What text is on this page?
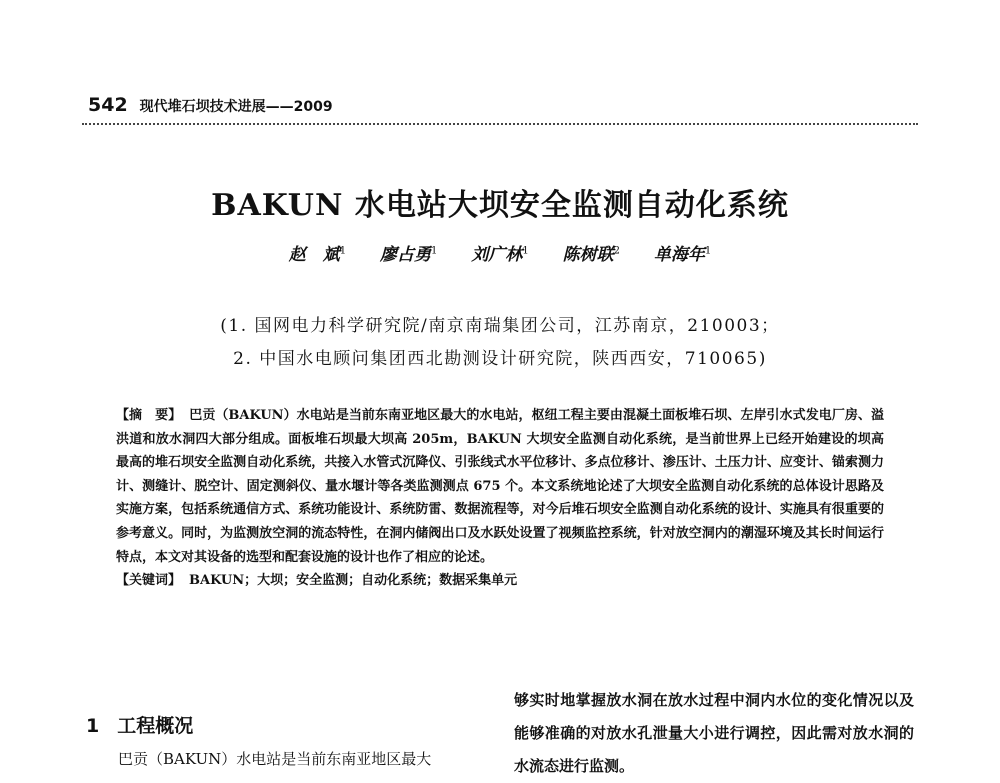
542 现代堆石坝技术进展——2009
BAKUN 水电站大坝安全监测自动化系统
赵　斌$^1$ 廖占勇$^1$ 刘广林$^1$ 陈树联$^2$ 单海年$^1$
(1. 国网电力科学研究院/南京南瑞集团公司，江苏南京，210003；
2. 中国水电顾问集团西北勘测设计研究院，陕西西安，710065)
【摘　要】 巴贡（BAKUN）水电站是当前东南亚地区最大的水电站，枢纽工程主要由混凝土面板堆石坝、左岸引水式发电厂房、溢洪道和放水洞四大部分组成。面板堆石坝最大坝高 205m，BAKUN 大坝安全监测自动化系统，是当前世界上已经开始建设的坝高最高的堆石坝安全监测自动化系统，共接入水管式沉降仪、引张线式水平位移计、多点位移计、渗压计、土压力计、应变计、锚索测力计、测缝计、脱空计、固定测斜仪、量水堰计等各类监测测点 675 个。本文系统地论述了大坝安全监测自动化系统的总体设计思路及实施方案，包括系统通信方式、系统功能设计、系统防雷、数据流程等，对今后堆石坝安全监测自动化系统的设计、实施具有很重要的参考意义。同时，为监测放空洞的流态特性，在洞内储阀出口及水跃处设置了视频监控系统，针对放空洞内的潮湿环境及其长时间运行特点，本文对其设备的选型和配套设施的设计也作了相应的论述。
【关键词】 BAKUN；大坝；安全监测；自动化系统；数据采集单元
1 工程概况
巴贡（BAKUN）水电站是当前东南亚地区最大
够实时地掌握放水洞在放水过程中洞内水位的变化情况以及能够准确的对放水孔泄量大小进行调控，因此需对放水洞的水流态进行监测。
